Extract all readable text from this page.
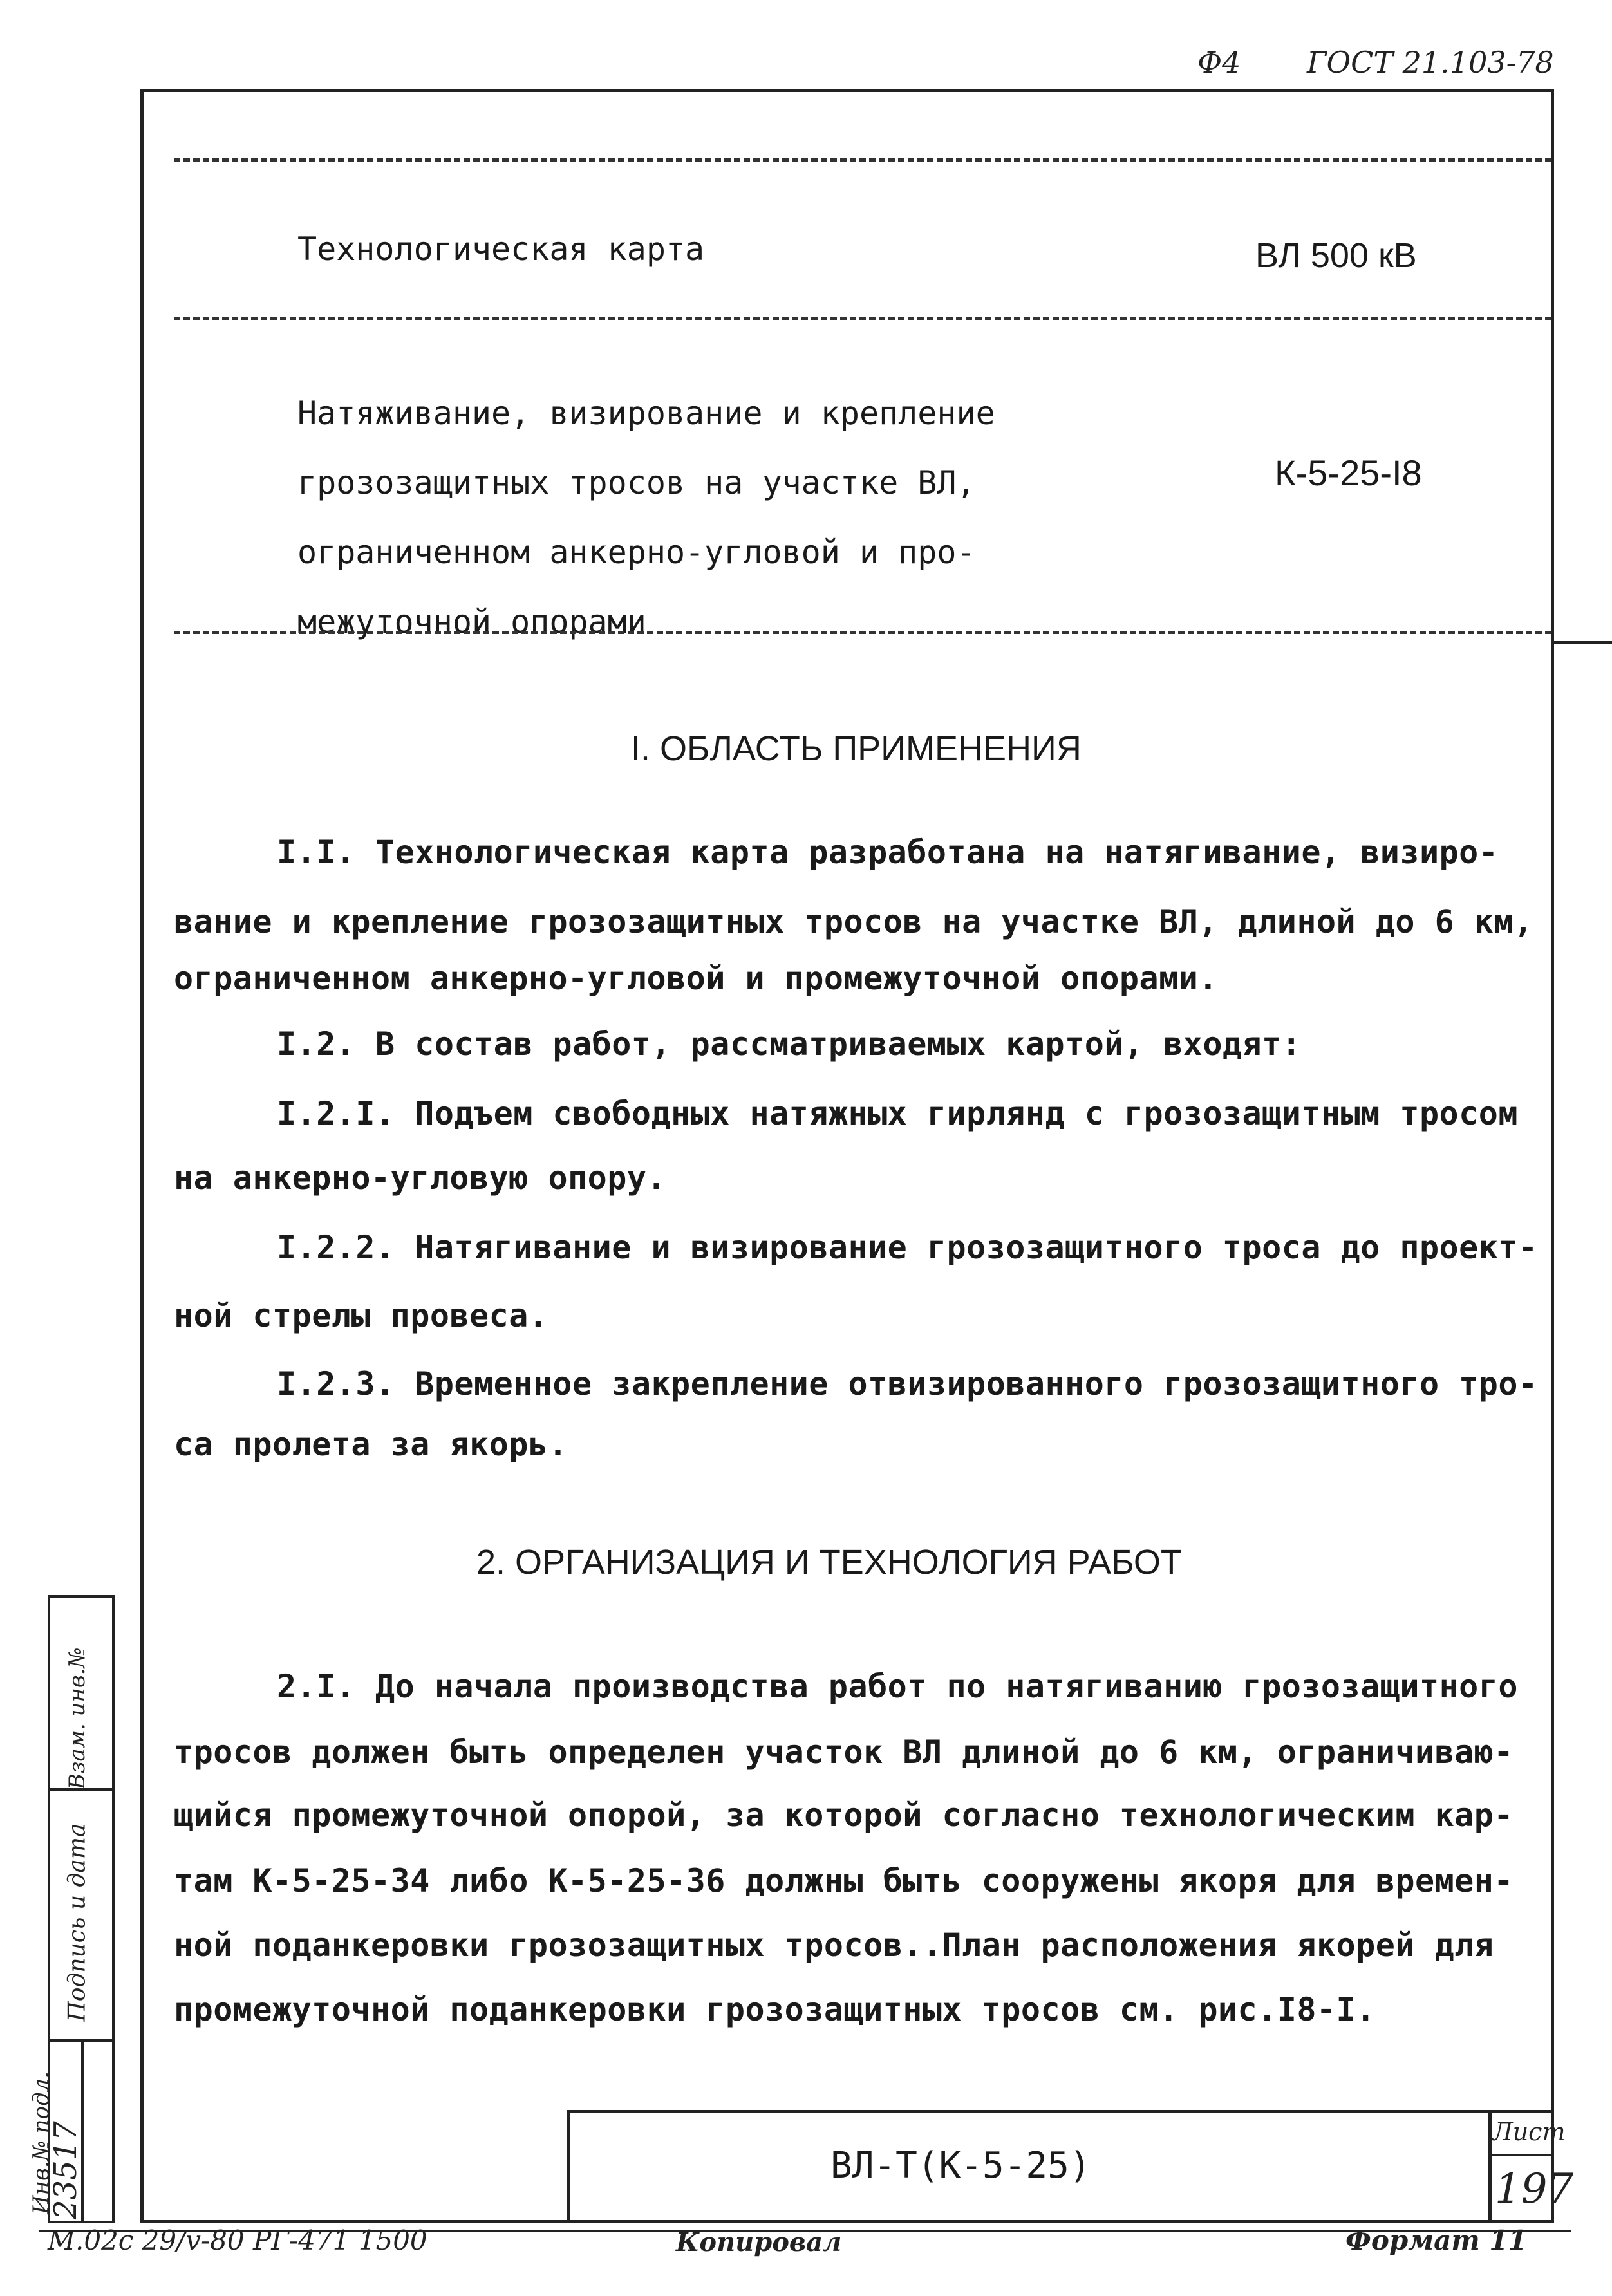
Ф4 ГОСТ 21.103-78
Технологическая карта	ВЛ 500 кВ
Натяживание, визирование и крепление
грозозащитных тросов на участке ВЛ,
ограниченном анкерно-угловой и про-
межуточной опорами
К-5-25-I8
I. ОБЛАСТЬ ПРИМЕНЕНИЯ
I.I. Технологическая карта разработана на натягивание, визиро-
вание и крепление грозозащитных тросов на участке ВЛ, длиной до 6 км,
ограниченном анкерно-угловой и промежуточной опорами.
I.2. В состав работ, рассматриваемых картой, входят:
I.2.I. Подъем свободных натяжных гирлянд с грозозащитным тросом
на анкерно-угловую опору.
I.2.2. Натягивание и визирование грозозащитного троса до проект-
ной стрелы провеса.
I.2.3. Временное закрепление отвизированного грозозащитного тро-
са пролета за якорь.
2. ОРГАНИЗАЦИЯ И ТЕХНОЛОГИЯ РАБОТ
2.I. До начала производства работ по натягиванию грозозащитного
тросов должен быть определен участок ВЛ длиной до 6 км, ограничиваю-
щийся промежуточной опорой, за которой согласно технологическим кар-
там К-5-25-34 либо К-5-25-36 должны быть сооружены якоря для времен-
ной поданкеровки грозозащитных тросов..План расположения якорей для
промежуточной поданкеровки грозозащитных тросов см. рис.I8-I.
Взам. инв.№
Подпись и дата
Инв.№ подл.
23517	ВЛ-Т(К-5-25)
Лист
197
М.02с 29/v-80 РГ-471 1500	Копировал	Формат 11
